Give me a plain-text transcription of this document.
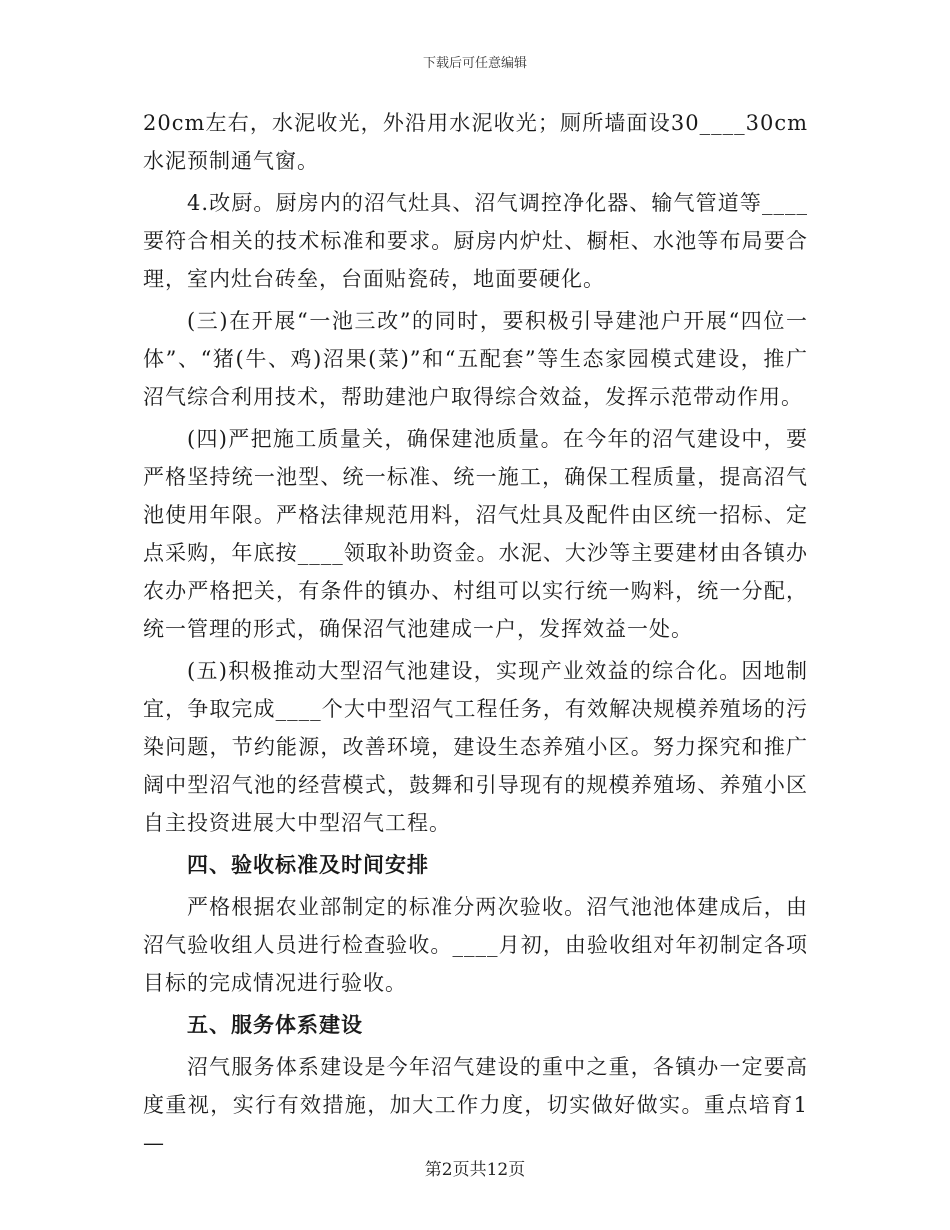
下载后可任意编辑

20cm左右，水泥收光，外沿用水泥收光；厕所墙面设30____30cm水泥预制通气窗。

4.改厨。厨房内的沼气灶具、沼气调控净化器、输气管道等____要符合相关的技术标准和要求。厨房内炉灶、橱柜、水池等布局要合理，室内灶台砖垒，台面贴瓷砖，地面要硬化。

(三)在开展“一池三改”的同时，要积极引导建池户开展“四位一体”、“猪(牛、鸡)沼果(菜)”和“五配套”等生态家园模式建设，推广沼气综合利用技术，帮助建池户取得综合效益，发挥示范带动作用。

(四)严把施工质量关，确保建池质量。在今年的沼气建设中，要严格坚持统一池型、统一标准、统一施工，确保工程质量，提高沼气池使用年限。严格法律规范用料，沼气灶具及配件由区统一招标、定点采购，年底按____领取补助资金。水泥、大沙等主要建材由各镇办农办严格把关，有条件的镇办、村组可以实行统一购料，统一分配，统一管理的形式，确保沼气池建成一户，发挥效益一处。

(五)积极推动大型沼气池建设，实现产业效益的综合化。因地制宜，争取完成____个大中型沼气工程任务，有效解决规模养殖场的污染问题，节约能源，改善环境，建设生态养殖小区。努力探究和推广阔中型沼气池的经营模式，鼓舞和引导现有的规模养殖场、养殖小区自主投资进展大中型沼气工程。

四、验收标准及时间安排

严格根据农业部制定的标准分两次验收。沼气池池体建成后，由沼气验收组人员进行检查验收。____月初，由验收组对年初制定各项目标的完成情况进行验收。

五、服务体系建设

沼气服务体系建设是今年沼气建设的重中之重，各镇办一定要高度重视，实行有效措施，加大工作力度，切实做好做实。重点培育1—

第2页共12页
